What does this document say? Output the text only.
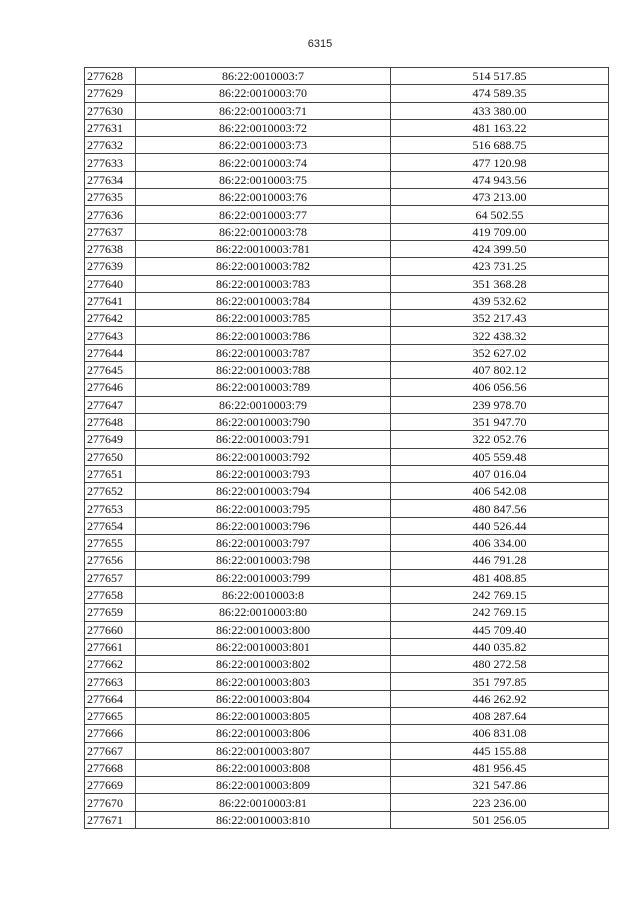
6315
277628	86:22:0010003:7	514 517.85
277629	86:22:0010003:70	474 589.35
277630	86:22:0010003:71	433 380.00
277631	86:22:0010003:72	481 163.22
277632	86:22:0010003:73	516 688.75
277633	86:22:0010003:74	477 120.98
277634	86:22:0010003:75	474 943.56
277635	86:22:0010003:76	473 213.00
277636	86:22:0010003:77	64 502.55
277637	86:22:0010003:78	419 709.00
277638	86:22:0010003:781	424 399.50
277639	86:22:0010003:782	423 731.25
277640	86:22:0010003:783	351 368.28
277641	86:22:0010003:784	439 532.62
277642	86:22:0010003:785	352 217.43
277643	86:22:0010003:786	322 438.32
277644	86:22:0010003:787	352 627.02
277645	86:22:0010003:788	407 802.12
277646	86:22:0010003:789	406 056.56
277647	86:22:0010003:79	239 978.70
277648	86:22:0010003:790	351 947.70
277649	86:22:0010003:791	322 052.76
277650	86:22:0010003:792	405 559.48
277651	86:22:0010003:793	407 016.04
277652	86:22:0010003:794	406 542.08
277653	86:22:0010003:795	480 847.56
277654	86:22:0010003:796	440 526.44
277655	86:22:0010003:797	406 334.00
277656	86:22:0010003:798	446 791.28
277657	86:22:0010003:799	481 408.85
277658	86:22:0010003:8	242 769.15
277659	86:22:0010003:80	242 769.15
277660	86:22:0010003:800	445 709.40
277661	86:22:0010003:801	440 035.82
277662	86:22:0010003:802	480 272.58
277663	86:22:0010003:803	351 797.85
277664	86:22:0010003:804	446 262.92
277665	86:22:0010003:805	408 287.64
277666	86:22:0010003:806	406 831.08
277667	86:22:0010003:807	445 155.88
277668	86:22:0010003:808	481 956.45
277669	86:22:0010003:809	321 547.86
277670	86:22:0010003:81	223 236.00
277671	86:22:0010003:810	501 256.05
